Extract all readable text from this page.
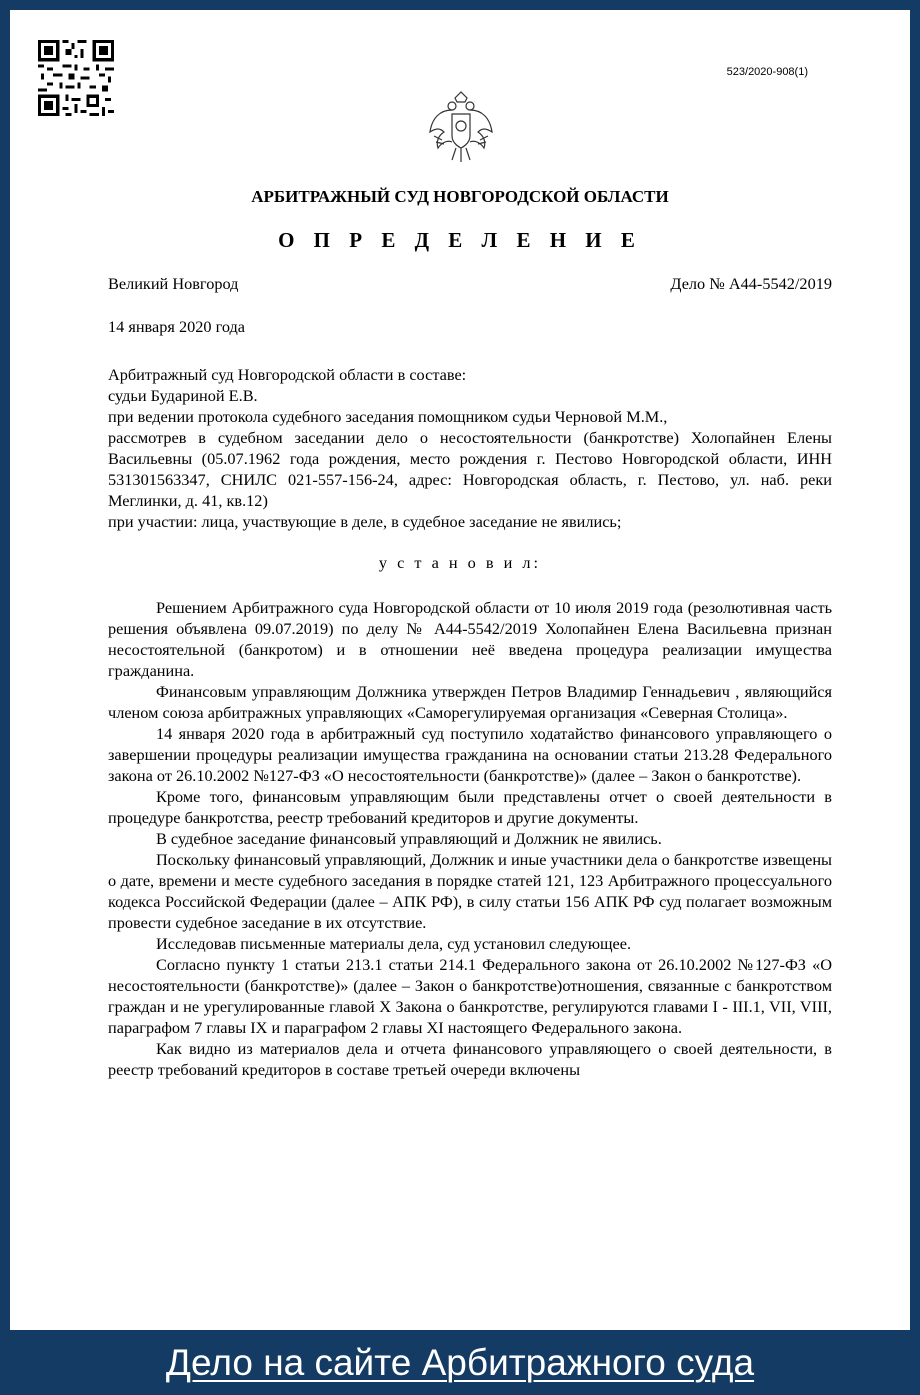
523/2020-908(1)
АРБИТРАЖНЫЙ СУД НОВГОРОДСКОЙ ОБЛАСТИ
О П Р Е Д Е Л Е Н И Е
Великий Новгород	Дело № А44-5542/2019
14 января 2020 года

Арбитражный суд Новгородской области в составе:

судьи Будариной Е.В.

при ведении протокола судебного заседания помощником судьи Черновой М.М.,

рассмотрев в судебном заседании дело о несостоятельности (банкротстве) Холопайнен Елены Васильевны (05.07.1962 года рождения, место рождения г. Пестово Новгородской области, ИНН 531301563347, СНИЛС 021-557-156-24, адрес: Новгородская область, г. Пестово, ул. наб. реки Меглинки, д. 41, кв.12)

при участии: лица, участвующие в деле, в судебное заседание не явились;

у с т а н о в и л:

Решением Арбитражного суда Новгородской области от 10 июля 2019 года (резолютивная часть решения объявлена 09.07.2019) по делу № А44-5542/2019 Холопайнен Елена Васильевна признан несостоятельной (банкротом) и в отношении неё введена процедура реализации имущества гражданина.

Финансовым управляющим Должника утвержден Петров Владимир Геннадьевич , являющийся членом союза арбитражных управляющих «Саморегулируемая организация «Северная Столица».

14 января 2020 года в арбитражный суд поступило ходатайство финансового управляющего о завершении процедуры реализации имущества гражданина на основании статьи 213.28 Федерального закона от 26.10.2002 №127-ФЗ «О несостоятельности (банкротстве)» (далее – Закон о банкротстве).

Кроме того, финансовым управляющим были представлены отчет о своей деятельности в процедуре банкротства, реестр требований кредиторов и другие документы.

В судебное заседание финансовый управляющий и Должник не явились.

Поскольку финансовый управляющий, Должник и иные участники дела о банкротстве извещены о дате, времени и месте судебного заседания в порядке статей 121, 123 Арбитражного процессуального кодекса Российской Федерации (далее – АПК РФ), в силу статьи 156 АПК РФ суд полагает возможным провести судебное заседание в их отсутствие.

Исследовав письменные материалы дела, суд установил следующее.

Согласно пункту 1 статьи 213.1 статьи 214.1 Федерального закона от 26.10.2002 №127-ФЗ «О несостоятельности (банкротстве)» (далее – Закон о банкротстве)отношения, связанные с банкротством граждан и не урегулированные главой X Закона о банкротстве, регулируются главами I - III.1, VII, VIII, параграфом 7 главы IX и параграфом 2 главы XI настоящего Федерального закона.

Как видно из материалов дела и отчета финансового управляющего о своей деятельности, в реестр требований кредиторов в составе третьей очереди включены

Дело на сайте Арбитражного суда
